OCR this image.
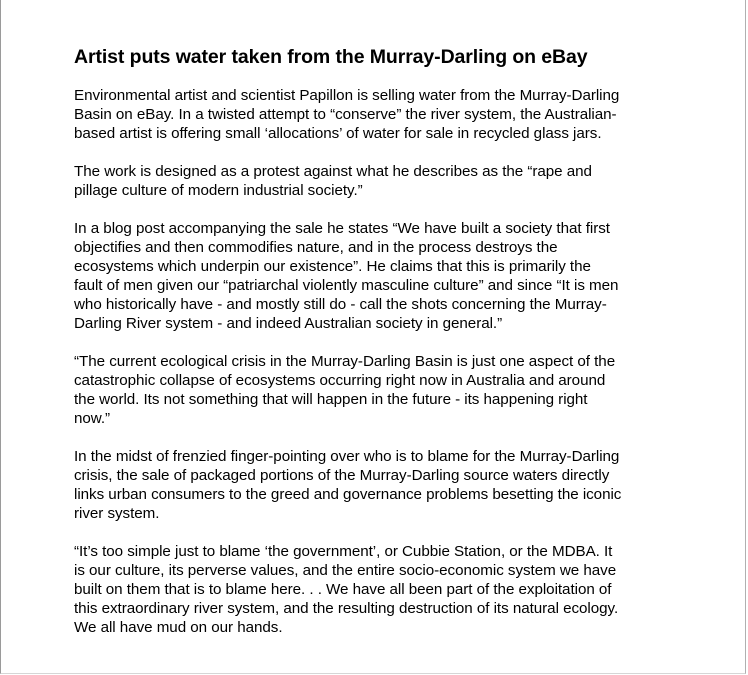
Artist puts water taken from the Murray-Darling on eBay

Environmental artist and scientist Papillon is selling water from the Murray-Darling
Basin on eBay. In a twisted attempt to “conserve” the river system, the Australian-
based artist is offering small ‘allocations’ of water for sale in recycled glass jars.

The work is designed as a protest against what he describes as the “rape and
pillage culture of modern industrial society.”

In a blog post accompanying the sale he states “We have built a society that first
objectifies and then commodifies nature, and in the process destroys the
ecosystems which underpin our existence”. He claims that this is primarily the
fault of men given our “patriarchal violently masculine culture” and since “It is men
who historically have - and mostly still do - call the shots concerning the Murray-
Darling River system - and indeed Australian society in general.”

“The current ecological crisis in the Murray-Darling Basin is just one aspect of the
catastrophic collapse of ecosystems occurring right now in Australia and around
the world. Its not something that will happen in the future - its happening right
now.”

In the midst of frenzied finger-pointing over who is to blame for the Murray-Darling
crisis, the sale of packaged portions of the Murray-Darling source waters directly
links urban consumers to the greed and governance problems besetting the iconic
river system.

“It’s too simple just to blame ‘the government’, or Cubbie Station, or the MDBA. It
is our culture, its perverse values, and the entire socio-economic system we have
built on them that is to blame here. . . We have all been part of the exploitation of
this extraordinary river system, and the resulting destruction of its natural ecology.
We all have mud on our hands.
